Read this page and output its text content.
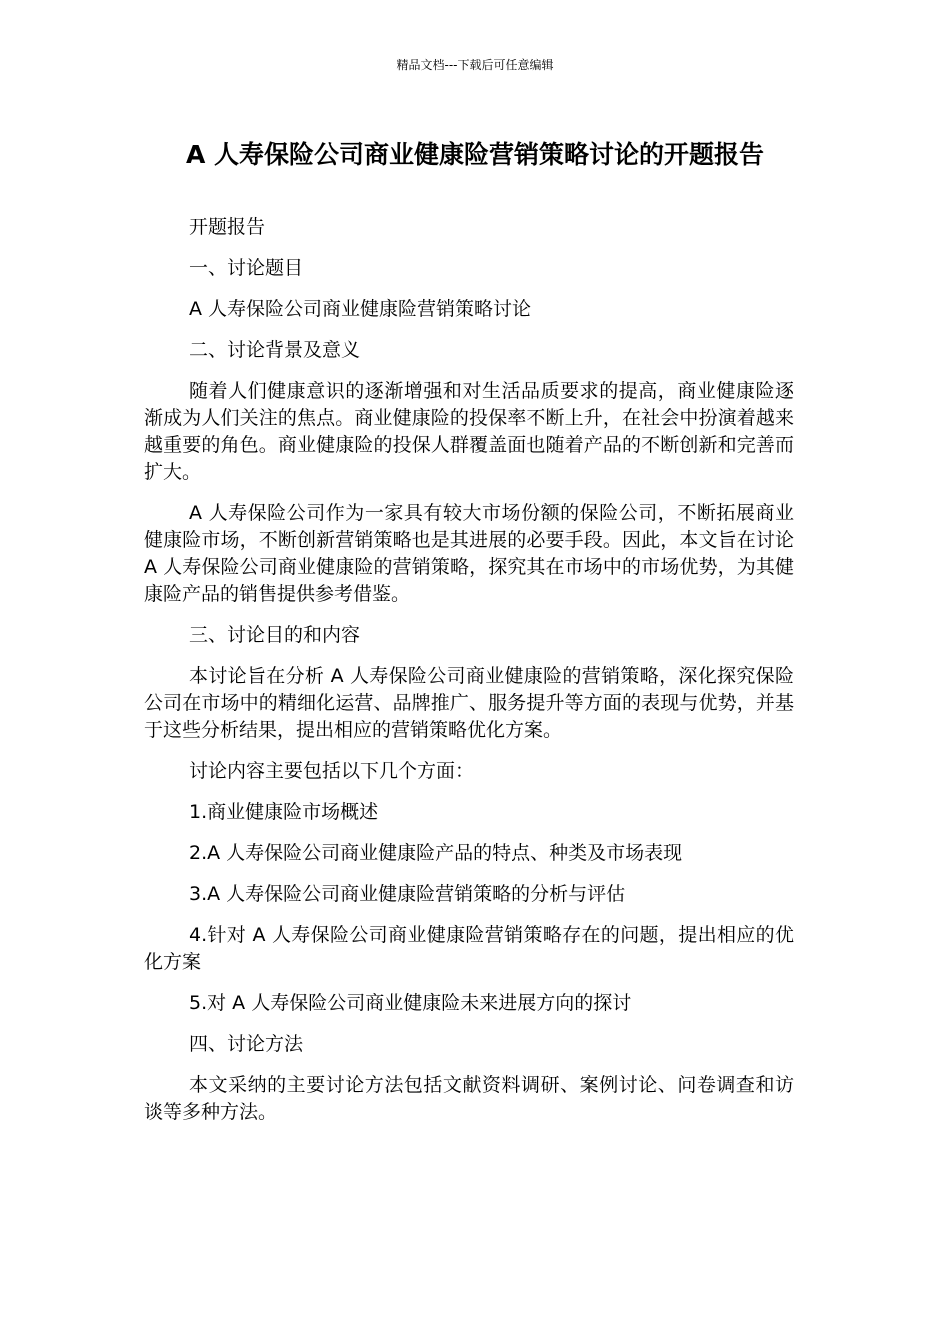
精品文档---下载后可任意编辑
A 人寿保险公司商业健康险营销策略讨论的开题报告

开题报告

一、讨论题目

A 人寿保险公司商业健康险营销策略讨论

二、讨论背景及意义

随着人们健康意识的逐渐增强和对生活品质要求的提高，商业健康险逐渐成为人们关注的焦点。商业健康险的投保率不断上升，在社会中扮演着越来越重要的角色。商业健康险的投保人群覆盖面也随着产品的不断创新和完善而扩大。

A 人寿保险公司作为一家具有较大市场份额的保险公司，不断拓展商业健康险市场，不断创新营销策略也是其进展的必要手段。因此，本文旨在讨论 A 人寿保险公司商业健康险的营销策略，探究其在市场中的市场优势，为其健康险产品的销售提供参考借鉴。

三、讨论目的和内容

本讨论旨在分析 A 人寿保险公司商业健康险的营销策略，深化探究保险公司在市场中的精细化运营、品牌推广、服务提升等方面的表现与优势，并基于这些分析结果，提出相应的营销策略优化方案。

讨论内容主要包括以下几个方面：

1.商业健康险市场概述

2.A 人寿保险公司商业健康险产品的特点、种类及市场表现

3.A 人寿保险公司商业健康险营销策略的分析与评估

4.针对 A 人寿保险公司商业健康险营销策略存在的问题，提出相应的优化方案

5.对 A 人寿保险公司商业健康险未来进展方向的探讨

四、讨论方法

本文采纳的主要讨论方法包括文献资料调研、案例讨论、问卷调查和访谈等多种方法。
